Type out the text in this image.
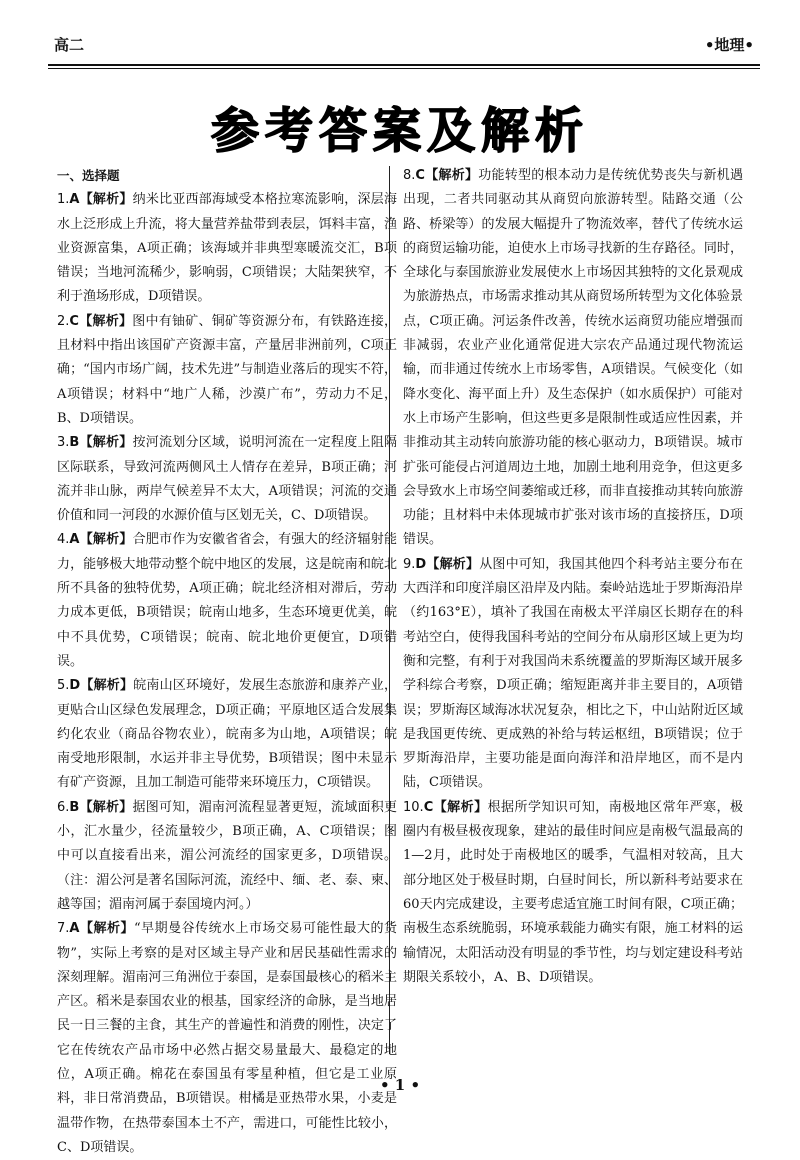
高二	•地理•
参考答案及解析
一、选择题

1.A【解析】纳米比亚西部海域受本格拉寒流影响，深层海水上泛形成上升流，将大量营养盐带到表层，饵料丰富，渔业资源富集，A项正确；该海域并非典型寒暖流交汇，B项错误；当地河流稀少，影响弱，C项错误；大陆架狭窄，不利于渔场形成，D项错误。

2.C【解析】图中有铀矿、铜矿等资源分布，有铁路连接，且材料中指出该国矿产资源丰富，产量居非洲前列，C项正确；“国内市场广阔，技术先进”与制造业落后的现实不符，A项错误；材料中“地广人稀，沙漠广布”，劳动力不足，B、D项错误。

3.B【解析】按河流划分区域，说明河流在一定程度上阻隔区际联系，导致河流两侧风土人情存在差异，B项正确；河流并非山脉，两岸气候差异不太大，A项错误；河流的交通价值和同一河段的水源价值与区划无关，C、D项错误。

4.A【解析】合肥市作为安徽省省会，有强大的经济辐射能力，能够极大地带动整个皖中地区的发展，这是皖南和皖北所不具备的独特优势，A项正确；皖北经济相对滞后，劳动力成本更低，B项错误；皖南山地多，生态环境更优美，皖中不具优势，C项错误；皖南、皖北地价更便宜，D项错误。

5.D【解析】皖南山区环境好，发展生态旅游和康养产业，更贴合山区绿色发展理念，D项正确；平原地区适合发展集约化农业（商品谷物农业），皖南多为山地，A项错误；皖南受地形限制，水运并非主导优势，B项错误；图中未显示有矿产资源，且加工制造可能带来环境压力，C项错误。

6.B【解析】据图可知，湄南河流程显著更短，流域面积更小，汇水量少，径流量较少，B项正确，A、C项错误；图中可以直接看出来，湄公河流经的国家更多，D项错误。（注：湄公河是著名国际河流，流经中、缅、老、泰、柬、越等国；湄南河属于泰国境内河。）

7.A【解析】“早期曼谷传统水上市场交易可能性最大的货物”，实际上考察的是对区域主导产业和居民基础性需求的深刻理解。湄南河三角洲位于泰国，是泰国最核心的稻米主产区。稻米是泰国农业的根基，国家经济的命脉，是当地居民一日三餐的主食，其生产的普遍性和消费的刚性，决定了它在传统农产品市场中必然占据交易量最大、最稳定的地位，A项正确。棉花在泰国虽有零星种植，但它是工业原料，非日常消费品，B项错误。柑橘是亚热带水果，小麦是温带作物，在热带泰国本土不产，需进口，可能性比较小，C、D项错误。

8.C【解析】功能转型的根本动力是传统优势丧失与新机遇出现，二者共同驱动其从商贸向旅游转型。陆路交通（公路、桥梁等）的发展大幅提升了物流效率，替代了传统水运的商贸运输功能，迫使水上市场寻找新的生存路径。同时，全球化与泰国旅游业发展使水上市场因其独特的文化景观成为旅游热点，市场需求推动其从商贸场所转型为文化体验景点，C项正确。河运条件改善，传统水运商贸功能应增强而非减弱，农业产业化通常促进大宗农产品通过现代物流运输，而非通过传统水上市场零售，A项错误。气候变化（如降水变化、海平面上升）及生态保护（如水质保护）可能对水上市场产生影响，但这些更多是限制性或适应性因素，并非推动其主动转向旅游功能的核心驱动力，B项错误。城市扩张可能侵占河道周边土地，加剧土地利用竞争，但这更多会导致水上市场空间萎缩或迁移，而非直接推动其转向旅游功能；且材料中未体现城市扩张对该市场的直接挤压，D项错误。

9.D【解析】从图中可知，我国其他四个科考站主要分布在大西洋和印度洋扇区沿岸及内陆。秦岭站选址于罗斯海沿岸（约163°E），填补了我国在南极太平洋扇区长期存在的科考站空白，使得我国科考站的空间分布从扇形区域上更为均衡和完整，有利于对我国尚未系统覆盖的罗斯海区域开展多学科综合考察，D项正确；缩短距离并非主要目的，A项错误；罗斯海区域海冰状况复杂，相比之下，中山站附近区域是我国更传统、更成熟的补给与转运枢纽，B项错误；位于罗斯海沿岸，主要功能是面向海洋和沿岸地区，而不是内陆，C项错误。

10.C【解析】根据所学知识可知，南极地区常年严寒，极圈内有极昼极夜现象，建站的最佳时间应是南极气温最高的1—2月，此时处于南极地区的暖季，气温相对较高，且大部分地区处于极昼时期，白昼时间长，所以新科考站要求在60天内完成建设，主要考虑适宜施工时间有限，C项正确；南极生态系统脆弱，环境承载能力确实有限，施工材料的运输情况，太阳活动没有明显的季节性，均与划定建设科考站期限关系较小，A、B、D项错误。

• 1 •
